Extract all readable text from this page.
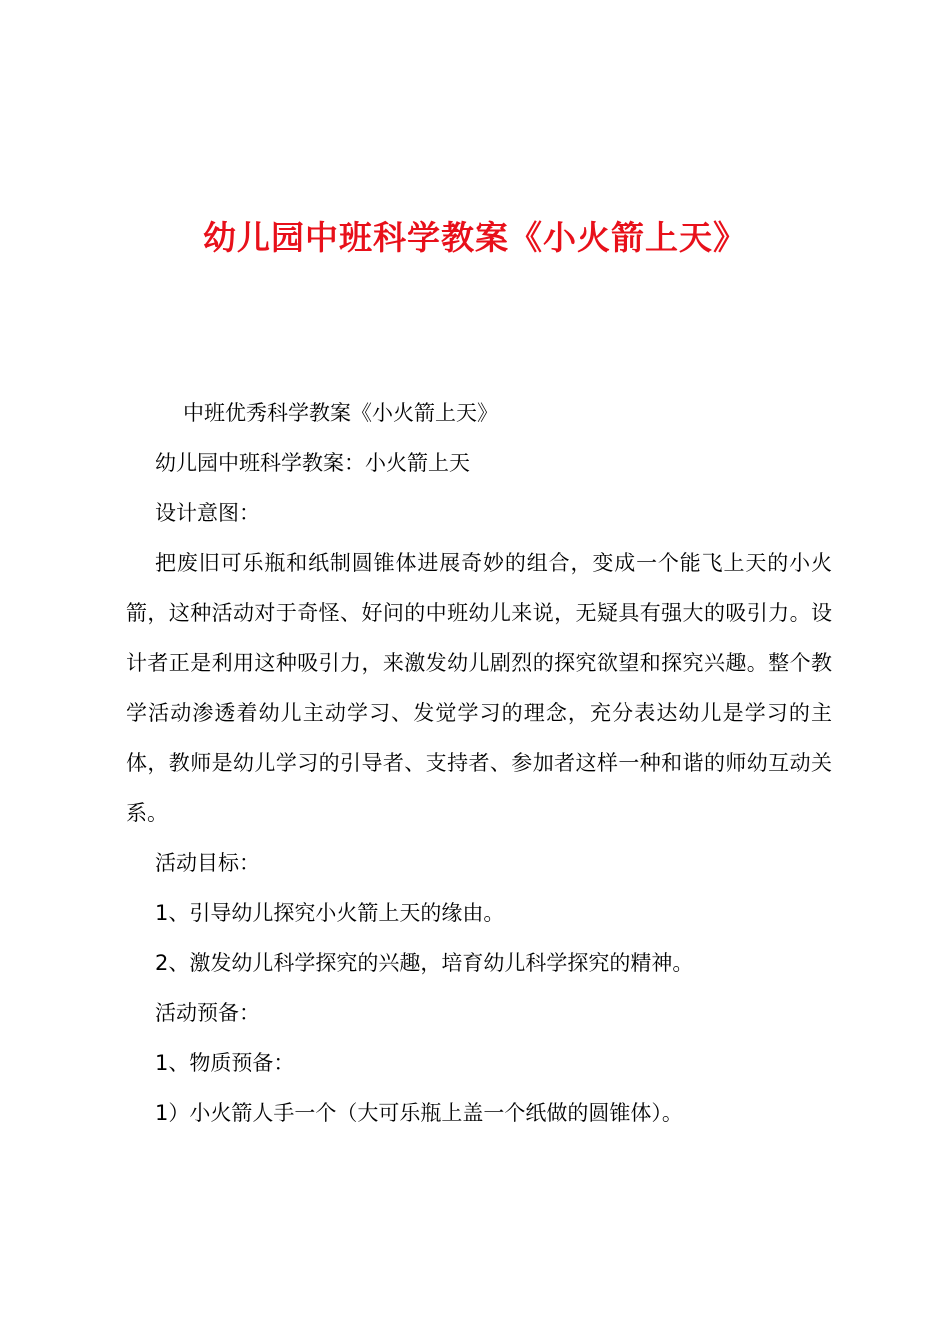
幼儿园中班科学教案《小火箭上天》

中班优秀科学教案《小火箭上天》

幼儿园中班科学教案：小火箭上天

设计意图：

把废旧可乐瓶和纸制圆锥体进展奇妙的组合，变成一个能飞上天的小火箭，这种活动对于奇怪、好问的中班幼儿来说，无疑具有强大的吸引力。设计者正是利用这种吸引力，来激发幼儿剧烈的探究欲望和探究兴趣。整个教学活动渗透着幼儿主动学习、发觉学习的理念，充分表达幼儿是学习的主体，教师是幼儿学习的引导者、支持者、参加者这样一种和谐的师幼互动关系。

活动目标：

1、引导幼儿探究小火箭上天的缘由。

2、激发幼儿科学探究的兴趣，培育幼儿科学探究的精神。

活动预备：

1、物质预备：

1）小火箭人手一个（大可乐瓶上盖一个纸做的圆锥体）。
